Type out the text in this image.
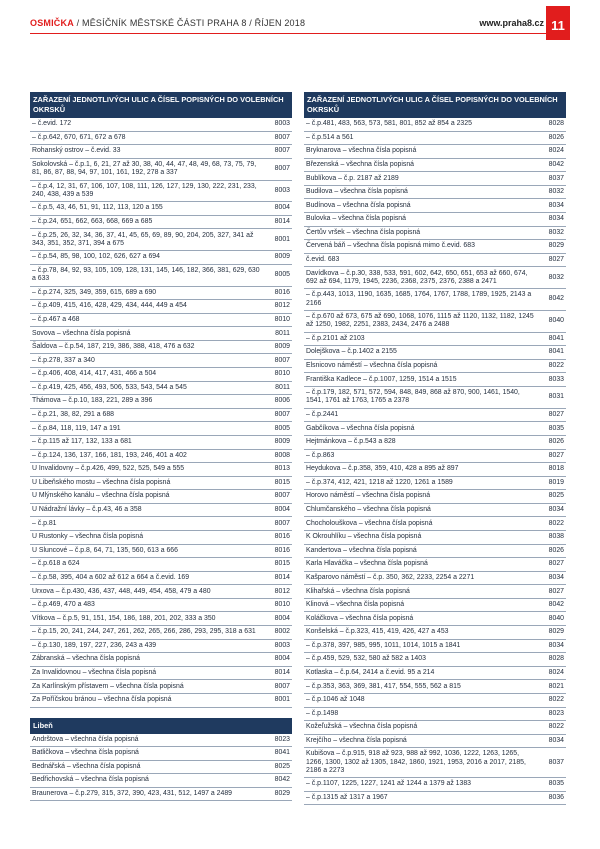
OSMIČKA / MĚSÍČNÍK MĚSTSKÉ ČÁSTI PRAHA 8 / ŘÍJEN 2018	www.praha8.cz 11
ZAŘAZENÍ JEDNOTLIVÝCH ULIC A ČÍSEL POPISNÝCH DO VOLEBNÍCH OKRSKŮ
– č.evid. 172	8003
– č.p.642, 670, 671, 672 a 678	8007
Rohanský ostrov – č.evid. 33	8007
Sokolovská – č.p.1, 6, 21, 27 až 30, 38, 40, 44, 47, 48, 49, 68, 73, 75, 79, 81, 86, 87, 88, 94, 97, 101, 161, 192, 278 a 337
8007
– č.p.4, 12, 31, 67, 106, 107, 108, 111, 126, 127, 129, 130, 222, 231, 233, 240, 438, 439 a 539
8003
– č.p.5, 43, 46, 51, 91, 112, 113, 120 a 155	8004
– č.p.24, 651, 662, 663, 668, 669 a 685	8014
– č.p.25, 26, 32, 34, 36, 37, 41, 45, 65, 69, 89, 90, 204, 205, 327, 341 až 343, 351, 352, 371, 394 a 675
8001
– č.p.54, 85, 98, 100, 102, 626, 627 a 694	8009
– č.p.78, 84, 92, 93, 105, 109, 128, 131, 145, 146, 182, 366, 381, 629, 630 a 633
8005
– č.p.274, 325, 349, 359, 615, 689 a 690	8016
– č.p.409, 415, 416, 428, 429, 434, 444, 449 a 454	8012
– č.p.467 a 468	8010
Sovova – všechna čísla popisná	8011
Šaldova – č.p.54, 187, 219, 386, 388, 418, 476 a 632	8009
– č.p.278, 337 a 340	8007
– č.p.406, 408, 414, 417, 431, 466 a 504	8010
– č.p.419, 425, 456, 493, 506, 533, 543, 544 a 545	8011
Thámova – č.p.10, 183, 221, 289 a 396	8006
– č.p.21, 38, 82, 291 a 688	8007
– č.p.84, 118, 119, 147 a 191	8005
– č.p.115 až 117, 132, 133 a 681	8009
– č.p.124, 136, 137, 166, 181, 193, 246, 401 a 402	8008
U Invalidovny – č.p.426, 499, 522, 525, 549 a 555	8013
U Libeňského mostu – všechna čísla popisná	8015
U Mlýnského kanálu – všechna čísla popisná	8007
U Nádražní lávky – č.p.43, 46 a 358	8004
– č.p.81	8007
U Rustonky – všechna čísla popisná	8016
U Sluncové – č.p.8, 64, 71, 135, 560, 613 a 666	8016
– č.p.618 a 624	8015
– č.p.58, 395, 404 a 602 až 612 a 664 a č.evid. 169	8014
Urxova – č.p.430, 436, 437, 448, 449, 454, 458, 479 a 480	8012
– č.p.469, 470 a 483	8010
Vítkova – č.p.5, 91, 151, 154, 186, 188, 201, 202, 333 a 350	8004
– č.p.15, 20, 241, 244, 247, 261, 262, 265, 266, 286, 293, 295, 318 a 631	8002
– č.p.130, 189, 197, 227, 236, 243 a 439	8003
Zábranská – všechna čísla popisná	8004
Za Invalidovnou – všechna čísla popisná	8014
Za Karlínským přístavem – všechna čísla popisná	8007
Za Poříčskou bránou – všechna čísla popisná	8001
Libeň
Andrštova – všechna čísla popisná	8023
Batličkova – všechna čísla popisná	8041
Bednářská – všechna čísla popisná	8025
Bedřichovská – všechna čísla popisná	8042
Braunerova – č.p.279, 315, 372, 390, 423, 431, 512, 1497 a 2489	8029
ZAŘAZENÍ JEDNOTLIVÝCH ULIC A ČÍSEL POPISNÝCH DO VOLEBNÍCH OKRSKŮ
– č.p.481, 483, 563, 573, 581, 801, 852 až 854 a 2325	8028
– č.p.514 a 561	8026
Bryknarova – všechna čísla popisná	8024
Březenská – všechna čísla popisná	8042
Bublíkova – č.p. 2187 až 2189	8037
Budilova – všechna čísla popisná	8032
Budínova – všechna čísla popisná	8034
Bulovka – všechna čísla popisná	8034
Čertův vršek – všechna čísla popisná	8032
Červená báň – všechna čísla popisná mimo č.evid. 683	8029
č.evid. 683	8027
Davídkova – č.p.30, 338, 533, 591, 602, 642, 650, 651, 653 až 660, 674, 692 až 694, 1179, 1945, 2236, 2368, 2375, 2376, 2388 a 2471
8032
– č.p.443, 1013, 1190, 1635, 1685, 1764, 1767, 1788, 1789, 1925, 2143 a 2166
8042
– č.p.670 až 673, 675 až 690, 1068, 1076, 1115 až 1120, 1132, 1182, 1245 až 1250, 1982, 2251, 2383, 2434, 2476 a 2488
8040
– č.p.2101 až 2103	8041
Dolejškova – č.p.1402 a 2155	8041
Elsnicovo náměstí – všechna čísla popisná	8022
Františka Kadlece – č.p.1007, 1259, 1514 a 1515	8033
– č.p.179, 182, 571, 572, 594, 848, 849, 868 až 870, 900, 1461, 1540, 1541, 1761 až 1763, 1765 a 2378
8031
– č.p.2441	8027
Gabčíkova – všechna čísla popisná	8035
Hejtmánkova – č.p.543 a 828	8026
– č.p.863	8027
Heydukova – č.p.358, 359, 410, 428 a 895 až 897	8018
– č.p.374, 412, 421, 1218 až 1220, 1261 a 1589	8019
Horovo náměstí – všechna čísla popisná	8025
Chlumčanského – všechna čísla popisná	8034
Chocholouškova – všechna čísla popisná	8022
K Okrouhlíku – všechna čísla popisná	8038
Kandertova – všechna čísla popisná	8026
Karla Hlaváčka – všechna čísla popisná	8027
Kašparovo náměstí – č.p. 350, 362, 2233, 2254 a 2271	8034
Klihařská – všechna čísla popisná	8027
Klinová – všechna čísla popisná	8042
Koláčkova – všechna čísla popisná	8040
Konšelská – č.p.323, 415, 419, 426, 427 a 453	8029
– č.p.378, 397, 985, 995, 1011, 1014, 1015 a 1841	8034
– č.p.459, 529, 532, 580 až 582 a 1403	8028
Kotlaska – č.p.64, 2414 a č.evid. 95 a 214	8024
– č.p.353, 363, 369, 381, 417, 554, 555, 562 a 815	8021
– č.p.1046 až 1048	8022
– č.p.1498	8023
Kožeľužská – všechna čísla popisná	8022
Krejčího – všechna čísla popisná	8034
Kubišova – č.p.915, 918 až 923, 988 až 992, 1036, 1222, 1263, 1265, 1266, 1300, 1302 až 1305, 1842, 1860, 1921, 1953, 2016 a 2017, 2185, 2186 a 2273
8037
– č.p.1107, 1225, 1227, 1241 až 1244 a 1379 až 1383	8035
– č.p.1315 až 1317 a 1967	8036
